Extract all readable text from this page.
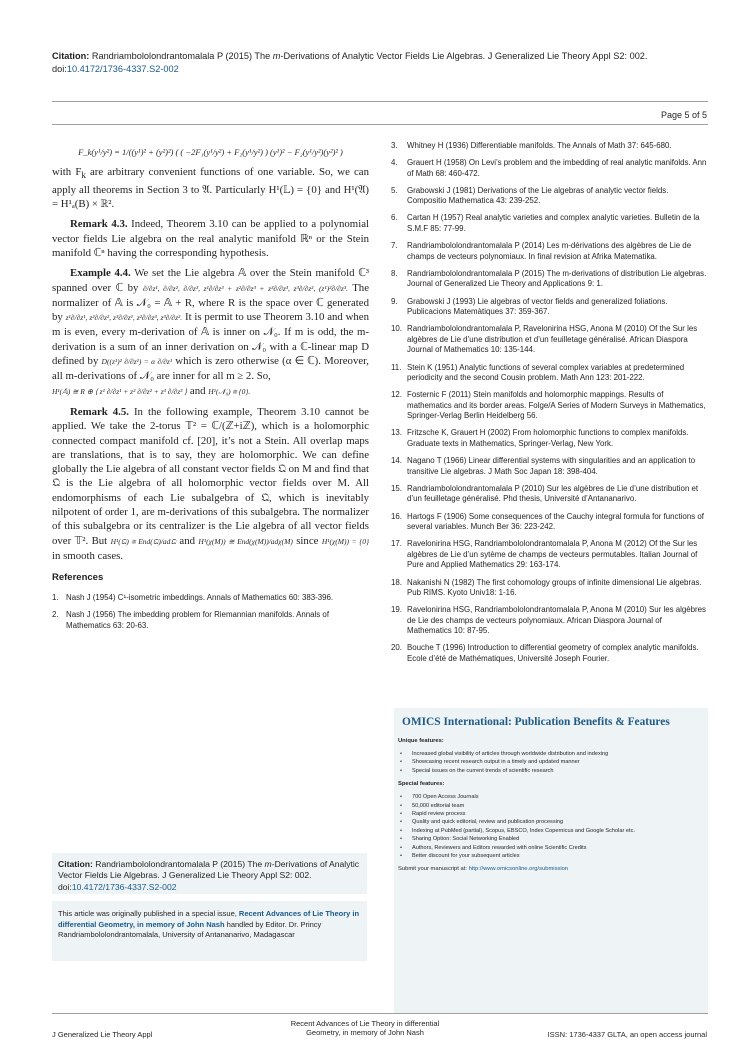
Citation: Randriambololondrantomalala P (2015) The m-Derivations of Analytic Vector Fields Lie Algebras. J Generalized Lie Theory Appl S2: 002.
doi:10.4172/1736-4337.S2-002
Page 5 of 5
F_k(y¹/y²) = 1/((y¹)² + (y²)²) ( ( −2F₁(y¹/y²) + F₂(y¹/y²) ) (y¹)² − F₂(y¹/y²)(y²)² )

with $F_k$ are arbitrary convenient functions of one variable. So, we can apply all theorems in Section 3 to 𝔄. Particularly H¹(𝕃) = {0} and H¹(𝔄) = H¹ₐ(B) × ℝ².

Remark 4.3. Indeed, Theorem 3.10 can be applied to a polynomial vector fields Lie algebra on the real analytic manifold ℝⁿ or the Stein manifold ℂⁿ having the corresponding hypothesis.

Example 4.4. We set the Lie algebra 𝔸 over the Stein manifold ℂ³ spanned over ℂ by ∂/∂z¹, ∂/∂z², ∂/∂z³, z¹∂/∂z³ + z²∂/∂z³ + z³∂/∂z³, z³∂/∂z², (z¹)²∂/∂z³. The normalizer of 𝔸 is 𝒩₀ = 𝔸 + R, where R is the space over ℂ generated by z¹∂/∂z¹, z²∂/∂z², z³∂/∂z¹, z²∂/∂z³, z³∂/∂z². It is permit to use Theorem 3.10 and when m is even, every m-derivation of 𝔸 is inner on 𝒩₀. If m is odd, the m-derivation is a sum of an inner derivation on 𝒩₀ with a ℂ-linear map D defined by D((z¹)² ∂/∂z¹) = α ∂/∂z¹ which is zero otherwise (α ∈ ℂ). Moreover, all m-derivations of 𝒩₀ are inner for all m ≥ 2. So,
H¹(𝔸) ≅ R ⊕ ⟨ z¹ ∂/∂z¹ + z² ∂/∂z² + z³ ∂/∂z³ ⟩ and H¹(𝒩₀) ≅ {0}.

Remark 4.5. In the following example, Theorem 3.10 cannot be applied. We take the 2-torus 𝕋² = ℂ/(ℤ+iℤ), which is a holomorphic connected compact manifold cf. [20], it’s not a Stein. All overlap maps are translations, that is to say, they are holomorphic. We can define globally the Lie algebra of all constant vector fields 𝔔 on M and find that 𝔔 is the Lie algebra of all holomorphic vector fields over M. All endomorphisms of each Lie subalgebra of 𝔔, which is inevitably nilpotent of order 1, are m-derivations of this subalgebra. The normalizer of this subalgebra or its centralizer is the Lie algebra of all vector fields over 𝕋². But H¹(𝔔) ≅ End(𝔔)/ad𝔔 and H¹(χ(M)) ≅ End(χ(M))/adχ(M) since H¹(χ(M)) = {0} in smooth cases.

References
1. Nash J (1954) C¹-isometric imbeddings. Annals of Mathematics 60: 383-396.
2. Nash J (1956) The imbedding problem for Riemannian manifolds. Annals of Mathematics 63: 20-63.
3. Whitney H (1936) Differentiable manifolds. The Annals of Math 37: 645-680.
4. Grauert H (1958) On Levi’s problem and the imbedding of real analytic manifolds. Ann of Math 68: 460-472.
5. Grabowski J (1981) Derivations of the Lie algebras of analytic vector fields. Compositio Mathematica 43: 239-252.
6. Cartan H (1957) Real analytic varieties and complex analytic varieties. Bulletin de la S.M.F 85: 77-99.
7. Randriambololondrantomalala P (2014) Les m-dérivations des algèbres de Lie de champs de vecteurs polynomiaux. In final revision at Afrika Matematika.
8. Randriambololondrantomalala P (2015) The m-derivations of distribution Lie algebras. Journal of Generalized Lie Theory and Applications 9: 1.
9. Grabowski J (1993) Lie algebras of vector fields and generalized foliations. Publicacions Matemàtiques 37: 359-367.
10. Randriambololondrantomalala P, Ravelonirina HSG, Anona M (2010) Of the Sur les algèbres de Lie d’une distribution et d’un feuilletage généralisé. African Diaspora Journal of Mathematics 10: 135-144.
11. Stein K (1951) Analytic functions of several complex variables at predetermined periodicity and the second Cousin problem. Math Ann 123: 201-222.
12. Fosternic F (2011) Stein manifolds and holomorphic mappings. Results of mathematics and its border areas. Folge/A Series of Modern Surveys in Mathematics, Springer-Verlag Berlin Heidelberg 56.
13. Fritzsche K, Grauert H (2002) From holomorphic functions to complex manifolds. Graduate texts in Mathematics, Springer-Verlag, New York.
14. Nagano T (1966) Linear differential systems with singularities and an application to transitive Lie algebras. J Math Soc Japan 18: 398-404.
15. Randriambololondrantomalala P (2010) Sur les algèbres de Lie d’une distribution et d’un feuilletage généralisé. Phd thesis, Université d’Antananarivo.
16. Hartogs F (1906) Some consequences of the Cauchy integral formula for functions of several variables. Munch Ber 36: 223-242.
17. Ravelonirina HSG, Randriambololondrantomalala P, Anona M (2012) Of the Sur les algèbres de Lie d’un sytème de champs de vecteurs permutables. Italian Journal of Pure and Applied Mathematics 29: 163-174.
18. Nakanishi N (1982) The first cohomology groups of infinite dimensional Lie algebras. Pub RIMS. Kyoto Univ18: 1-16.
19. Ravelonirina HSG, Randriambololondrantomalala P, Anona M (2010) Sur les algèbres de Lie des champs de vecteurs polynomiaux. African Diaspora Journal of Mathematics 10: 87-95.
20. Bouche T (1996) Introduction to differential geometry of complex analytic manifolds. Ecole d’été de Mathématiques, Université Joseph Fourier.
OMICS International: Publication Benefits & Features
Unique features:
• Increased global visibility of articles through worldwide distribution and indexing
• Showcasing recent research output in a timely and updated manner
• Special issues on the current trends of scientific research
Special features:
• 700 Open Access Journals
• 50,000 editorial team
• Rapid review process
• Quality and quick editorial, review and publication processing
• Indexing at PubMed (partial), Scopus, EBSCO, Index Copernicus and Google Scholar etc.
• Sharing Option: Social Networking Enabled
• Authors, Reviewers and Editors rewarded with online Scientific Credits
• Better discount for your subsequent articles
Submit your manuscript at: http://www.omicsonline.org/submission
Citation: Randriambololondrantomalala P (2015) The m-Derivations of Analytic Vector Fields Lie Algebras. J Generalized Lie Theory Appl S2: 002. doi:10.4172/1736-4337.S2-002
This article was originally published in a special issue, Recent Advances of Lie Theory in differential Geometry, in memory of John Nash handled by Editor. Dr. Princy Randriambololondrantomalala, University of Antananarivo, Madagascar
J Generalized Lie Theory Appl
Recent Advances of Lie Theory in differential Geometry, in memory of John Nash	ISSN: 1736-4337 GLTA, an open access journal
